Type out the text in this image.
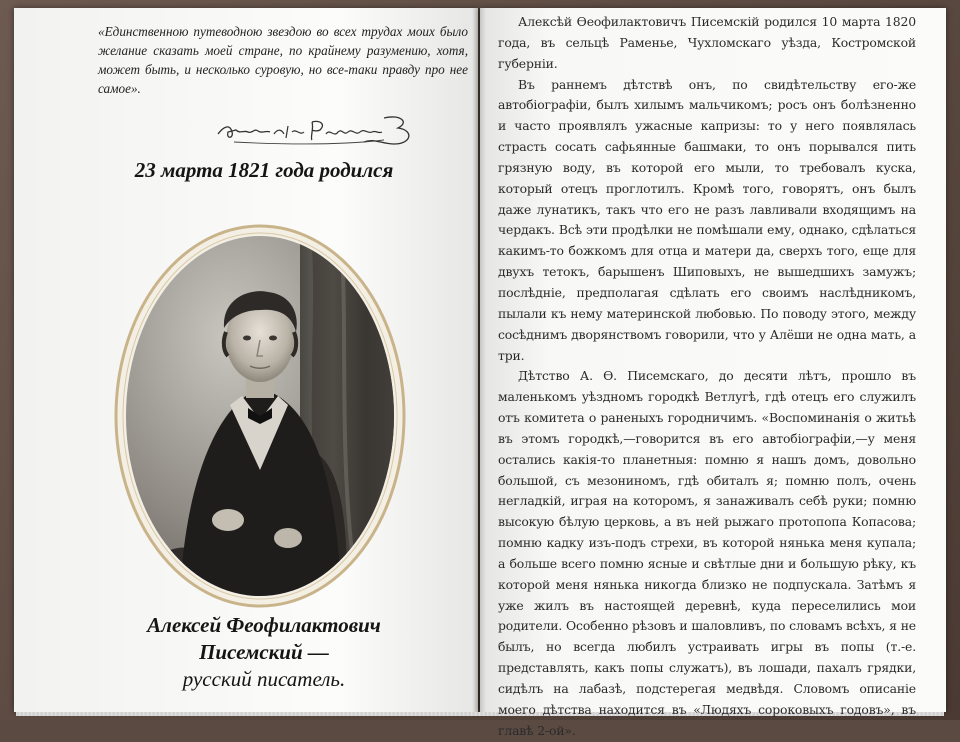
«Единственною путеводною звездою во всех трудах моих было желание сказать моей стране, по крайнему разумению, хотя, может быть, и несколько суровую, но все-таки правду про нее самое».
23 марта 1821 года родился
Алексей Феофилактович
Писемский —
русский писатель.

Алексѣй Ѳеофилактовичъ Писемскій родился 10 марта 1820 года, въ сельцѣ Раменье, Чухломскаго уѣзда, Костромской губерніи.

Въ раннемъ дѣтствѣ онъ, по свидѣтельству его-же автобіографіи, былъ хилымъ мальчикомъ; росъ онъ болѣзненно и часто проявлялъ ужасные капризы: то у него появлялась страсть сосать сафьянные башмаки, то онъ порывался пить грязную воду, въ которой его мыли, то требовалъ куска, который отецъ проглотилъ. Кромѣ того, говорятъ, онъ былъ даже лунатикъ, такъ что его не разъ лавливали входящимъ на чердакъ. Всѣ эти продѣлки не помѣшали ему, однако, сдѣлаться какимъ-то божкомъ для отца и матери да, сверхъ того, еще для двухъ тетокъ, барышенъ Шиповыхъ, не вышедшихъ замужъ; послѣдніе, предполагая сдѣлать его своимъ наслѣдникомъ, пылали къ нему материнской любовью. По поводу этого, между сосѣднимъ дворянствомъ говорили, что у Алёши не одна мать, а три.

Дѣтство А. Ѳ. Писемскаго, до десяти лѣтъ, прошло въ маленькомъ уѣздномъ городкѣ Ветлугѣ, гдѣ отецъ его служилъ отъ комитета о раненыхъ городничимъ. «Воспоминанія о житьѣ въ этомъ городкѣ,—говорится въ его автобіографіи,—у меня остались какія-то планетныя: помню я нашъ домъ, довольно большой, съ мезониномъ, гдѣ обиталъ я; помню полъ, очень негладкій, играя на которомъ, я занаживалъ себѣ руки; помню высокую бѣлую церковь, а въ ней рыжаго протопопа Копасова; помню кадку изъ-подъ стрехи, въ которой нянька меня купала; а больше всего помню ясные и свѣтлые дни и большую рѣку, къ которой меня нянька никогда близко не подпускала. Затѣмъ я уже жилъ въ настоящей деревнѣ, куда переселились мои родители. Особенно рѣзовъ и шаловливъ, по словамъ всѣхъ, я не былъ, но всегда любилъ устраивать игры въ попы (т.-е. представлять, какъ попы служатъ), въ лошади, пахалъ грядки, сидѣлъ на лабазѣ, подстерегая медвѣдя. Словомъ описаніе моего дѣтства находится въ «Людяхъ сороковыхъ годовъ», въ главѣ 2-ой».
